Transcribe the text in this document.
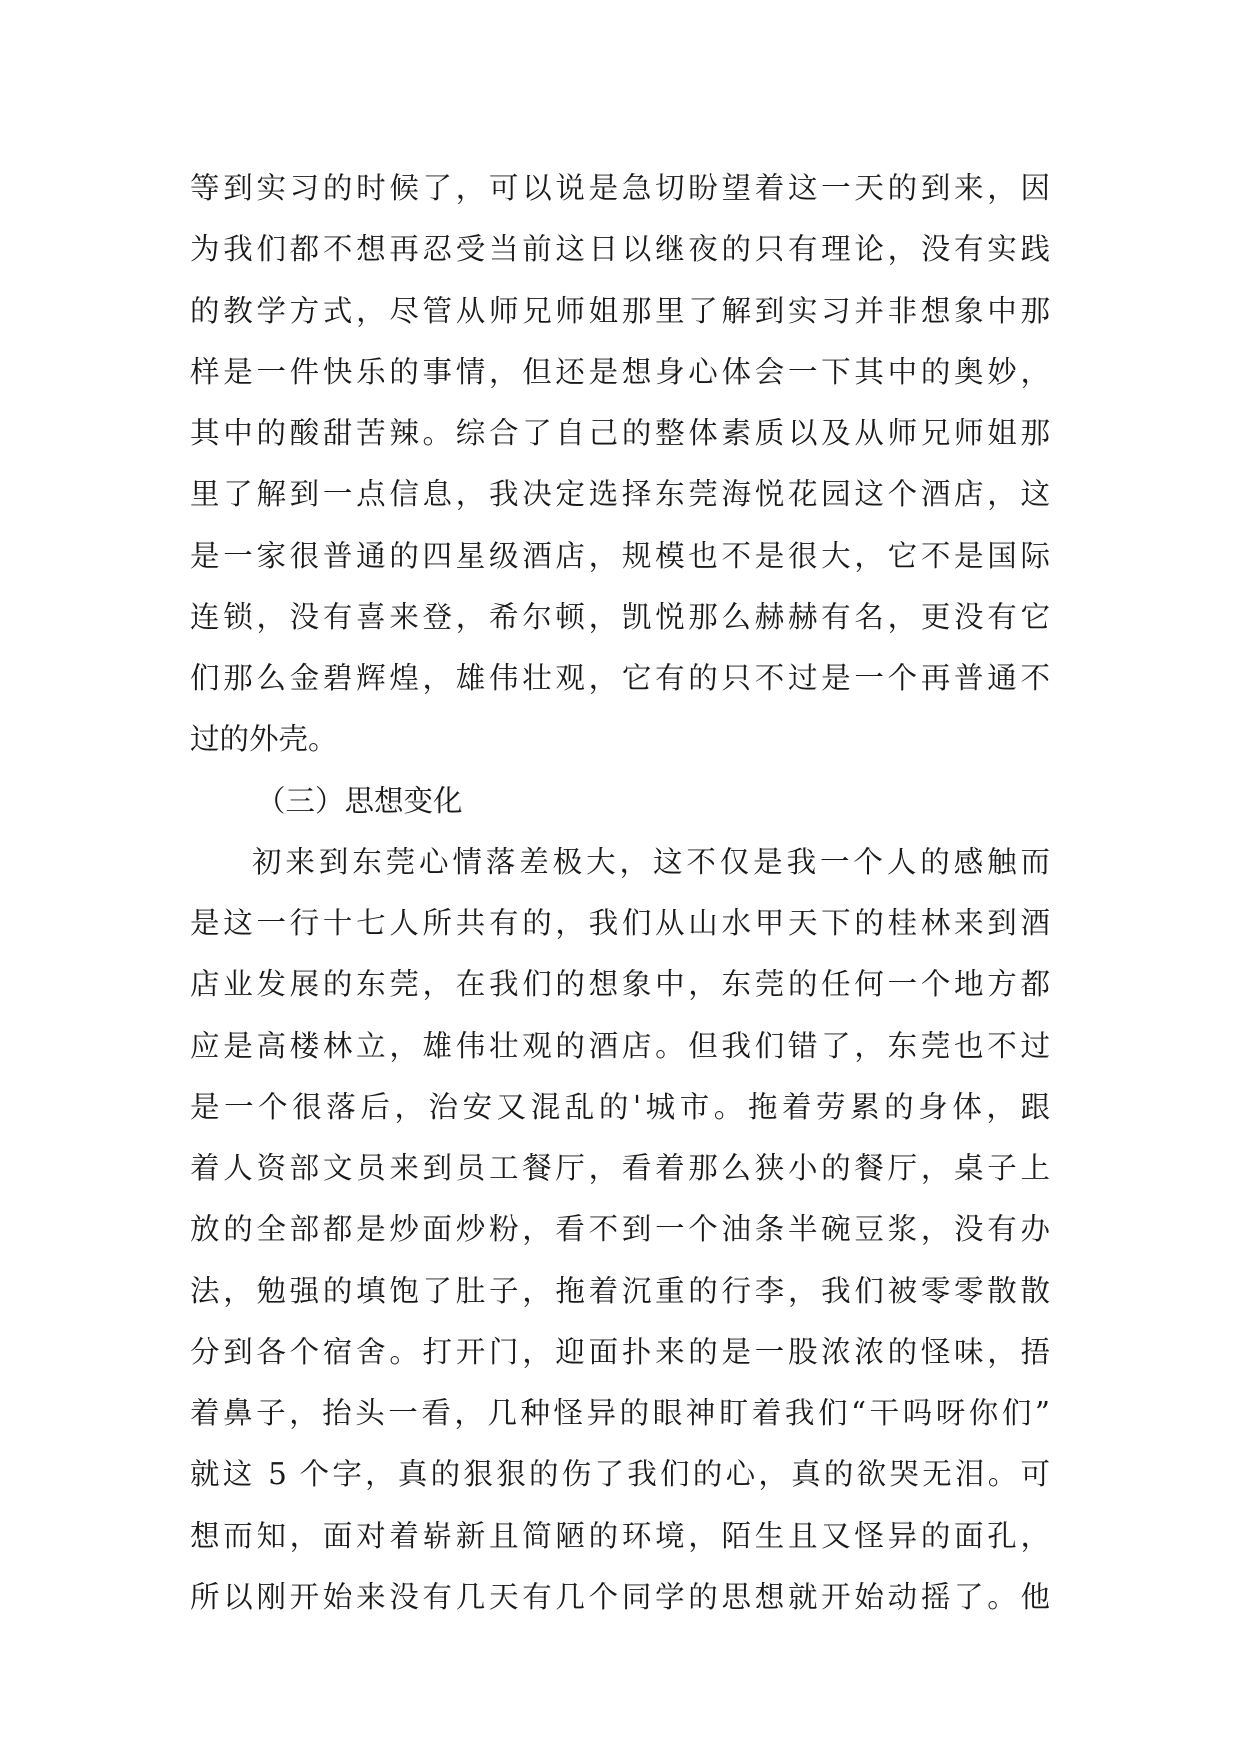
等到实习的时候了，可以说是急切盼望着这一天的到来，因
为我们都不想再忍受当前这日以继夜的只有理论，没有实践
的教学方式，尽管从师兄师姐那里了解到实习并非想象中那
样是一件快乐的事情，但还是想身心体会一下其中的奥妙，
其中的酸甜苦辣。综合了自己的整体素质以及从师兄师姐那
里了解到一点信息，我决定选择东莞海悦花园这个酒店，这
是一家很普通的四星级酒店，规模也不是很大，它不是国际
连锁，没有喜来登，希尔顿，凯悦那么赫赫有名，更没有它
们那么金碧辉煌，雄伟壮观，它有的只不过是一个再普通不
过的外壳。
（三）思想变化
初来到东莞心情落差极大，这不仅是我一个人的感触而
是这一行十七人所共有的，我们从山水甲天下的桂林来到酒
店业发展的东莞，在我们的想象中，东莞的任何一个地方都
应是高楼林立，雄伟壮观的酒店。但我们错了，东莞也不过
是一个很落后，治安又混乱的'城市。拖着劳累的身体，跟
着人资部文员来到员工餐厅，看着那么狭小的餐厅，桌子上
放的全部都是炒面炒粉，看不到一个油条半碗豆浆，没有办
法，勉强的填饱了肚子，拖着沉重的行李，我们被零零散散
分到各个宿舍。打开门，迎面扑来的是一股浓浓的怪味，捂
着鼻子，抬头一看，几种怪异的眼神盯着我们“干吗呀你们”
就这 5 个字，真的狠狠的伤了我们的心，真的欲哭无泪。可
想而知，面对着崭新且简陋的环境，陌生且又怪异的面孔，
所以刚开始来没有几天有几个同学的思想就开始动摇了。他
